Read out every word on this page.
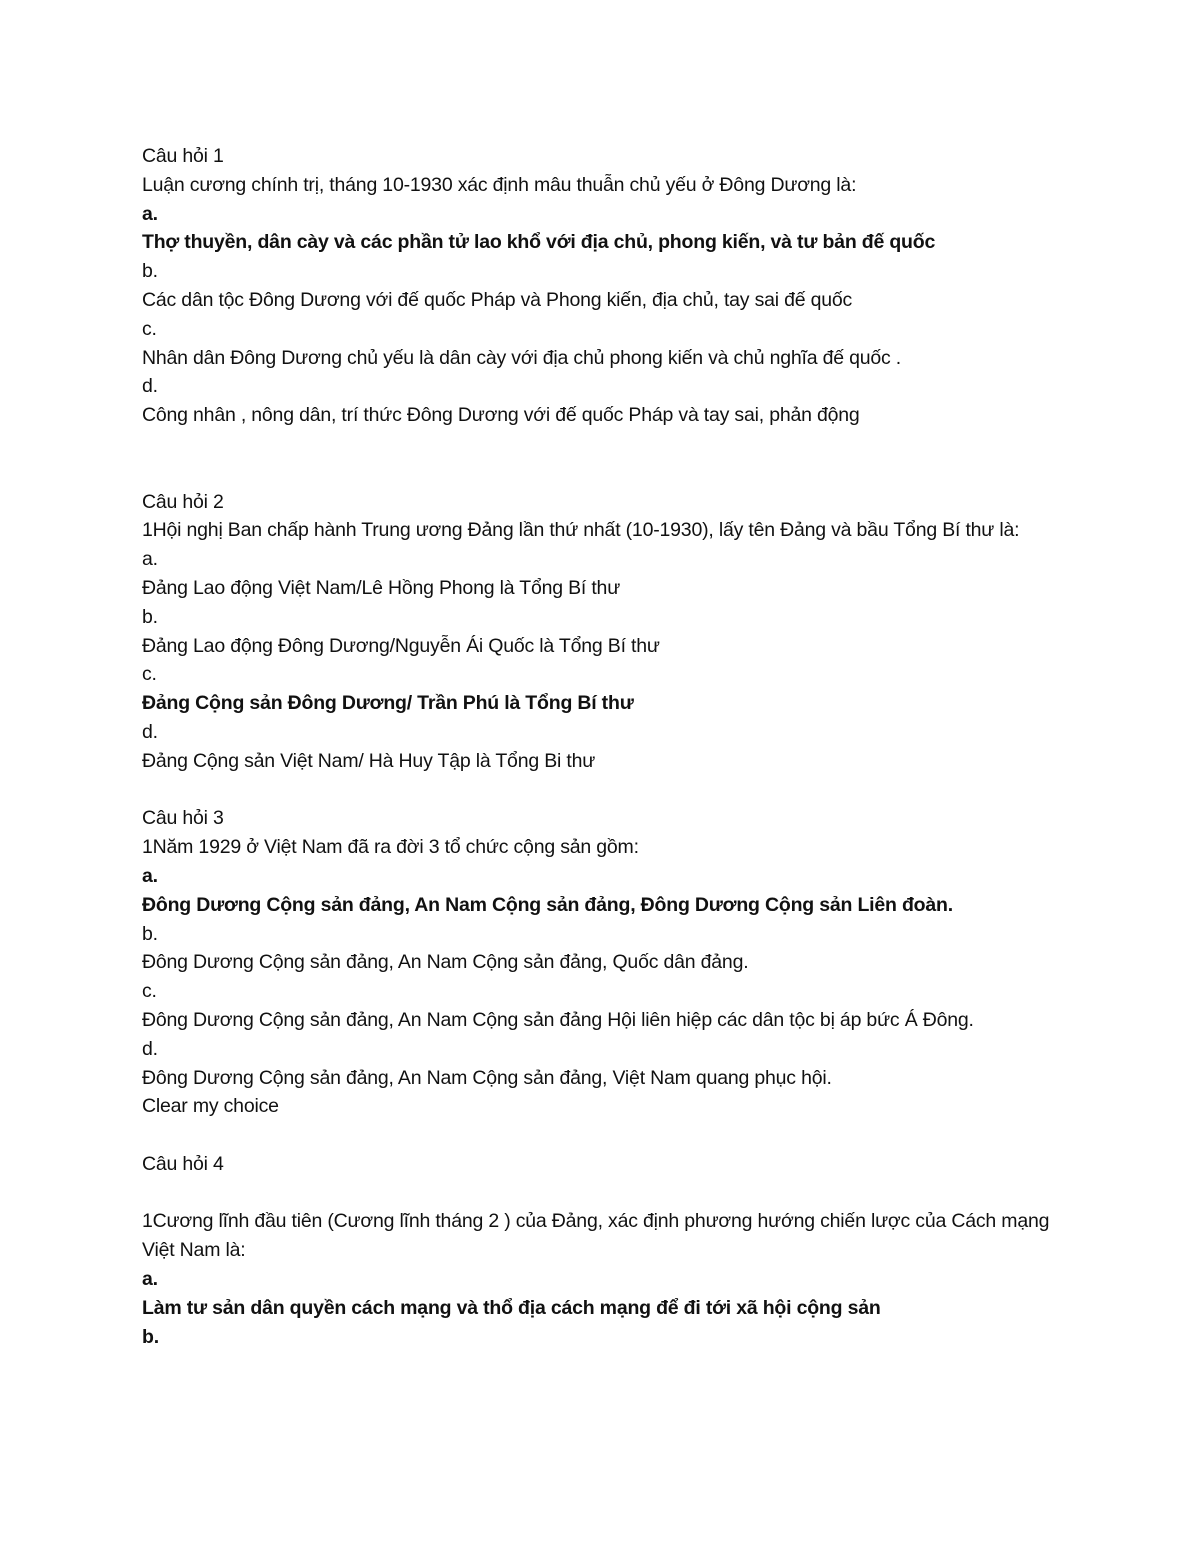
Câu hỏi 1
Luận cương chính trị, tháng 10-1930 xác định mâu thuẫn chủ yếu ở Đông Dương là:
a.
Thợ thuyền, dân cày và các phần tử lao khổ với địa chủ, phong kiến, và tư bản đế quốc
b.
Các dân tộc Đông Dương với đế quốc Pháp và Phong kiến, địa chủ, tay sai đế quốc
c.
Nhân dân Đông Dương chủ yếu là dân cày với địa chủ phong kiến và chủ nghĩa đế quốc .
d.
Công nhân , nông dân, trí thức Đông Dương với đế quốc Pháp và tay sai, phản động
Câu hỏi 2
1Hội nghị Ban chấp hành Trung ương Đảng lần thứ nhất (10-1930), lấy tên Đảng và bầu Tổng Bí thư là:
a.
Đảng Lao động Việt Nam/Lê Hồng Phong là Tổng Bí thư
b.
Đảng Lao động Đông Dương/Nguyễn Ái Quốc là Tổng Bí thư
c.
Đảng Cộng sản Đông Dương/ Trần Phú là Tổng Bí thư
d.
Đảng Cộng sản Việt Nam/ Hà Huy Tập là Tổng Bi thư
Câu hỏi 3
1Năm 1929 ở Việt Nam đã ra đời 3 tổ chức cộng sản gồm:
a.
Đông Dương Cộng sản đảng, An Nam Cộng sản đảng, Đông Dương Cộng sản Liên đoàn.
b.
Đông Dương Cộng sản đảng, An Nam Cộng sản đảng, Quốc dân đảng.
c.
Đông Dương Cộng sản đảng, An Nam Cộng sản đảng Hội liên hiệp các dân tộc bị áp bức Á Đông.
d.
Đông Dương Cộng sản đảng, An Nam Cộng sản đảng, Việt Nam quang phục hội.
Clear my choice
Câu hỏi 4
1Cương lĩnh đầu tiên (Cương lĩnh tháng 2 ) của Đảng, xác định phương hướng chiến lược của Cách mạng Việt Nam là:
a.
Làm tư sản dân quyền cách mạng và thổ địa cách mạng để đi tới xã hội cộng sản
b.
